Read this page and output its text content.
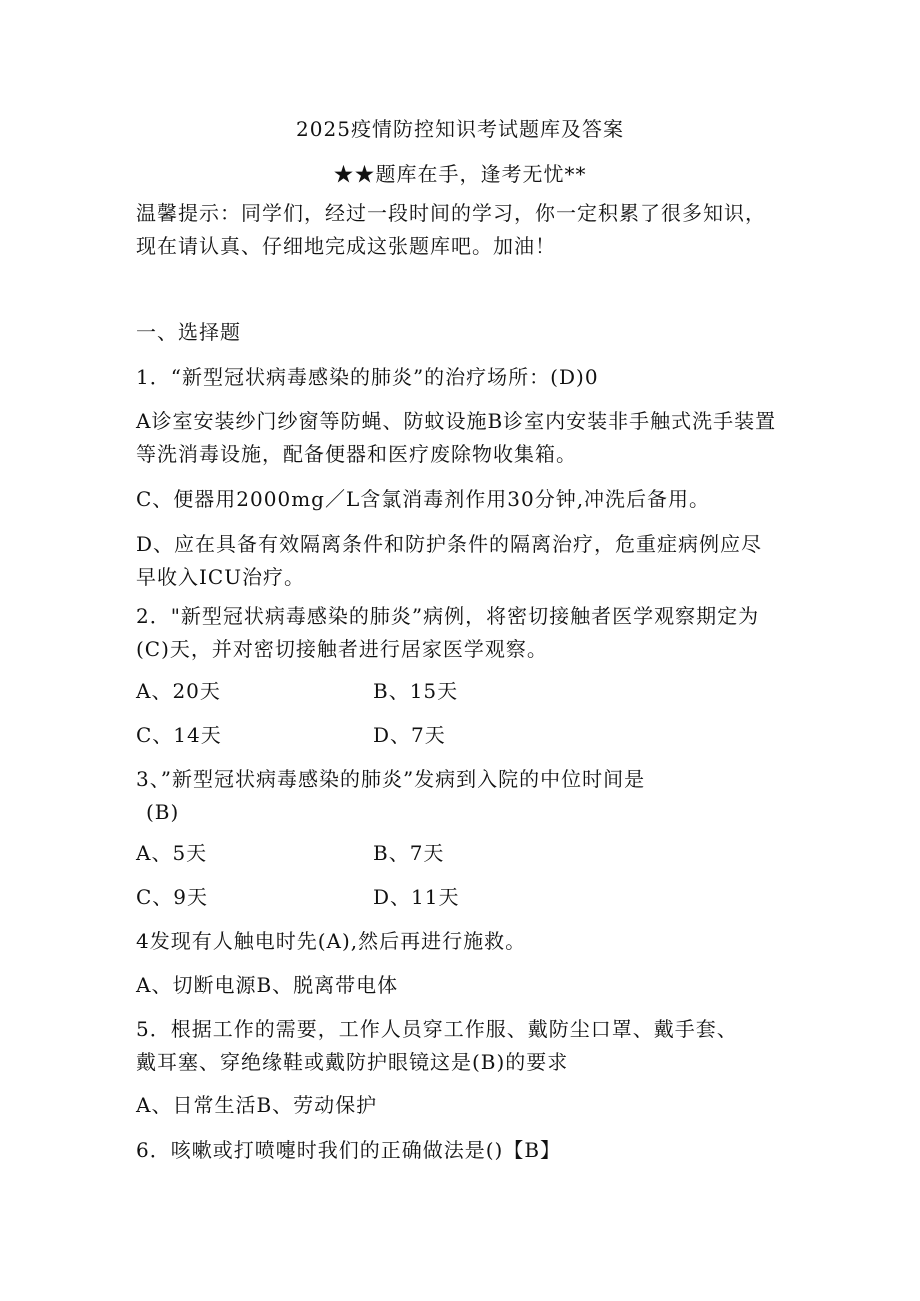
2025疫情防控知识考试题库及答案
★★题库在手，逢考无忧**
温馨提示：同学们，经过一段时间的学习，你一定积累了很多知识，
现在请认真、仔细地完成这张题库吧。加油！
一、选择题
1．“新型冠状病毒感染的肺炎”的治疗场所：(D)0
A诊室安装纱门纱窗等防蝇、防蚊设施B诊室内安装非手触式洗手装置
等洗消毒设施，配备便器和医疗废除物收集箱。
C、便器用2000mg／L含氯消毒剂作用30分钟,冲洗后备用。
D、应在具备有效隔离条件和防护条件的隔离治疗，危重症病例应尽
早收入ICU治疗。
2．"新型冠状病毒感染的肺炎”病例，将密切接触者医学观察期定为
(C)天，并对密切接触者进行居家医学观察。
A、20天	B、15天
C、14天	D、7天
3、”新型冠状病毒感染的肺炎”发病到入院的中位时间是
(B)
A、5天	B、7天
C、9天	D、11天
4发现有人触电时先(A),然后再进行施救。
A、切断电源B、脱离带电体
5．根据工作的需要，工作人员穿工作服、戴防尘口罩、戴手套、
戴耳塞、穿绝缘鞋或戴防护眼镜这是(B)的要求
A、日常生活B、劳动保护
6．咳嗽或打喷嚏时我们的正确做法是()【B】
